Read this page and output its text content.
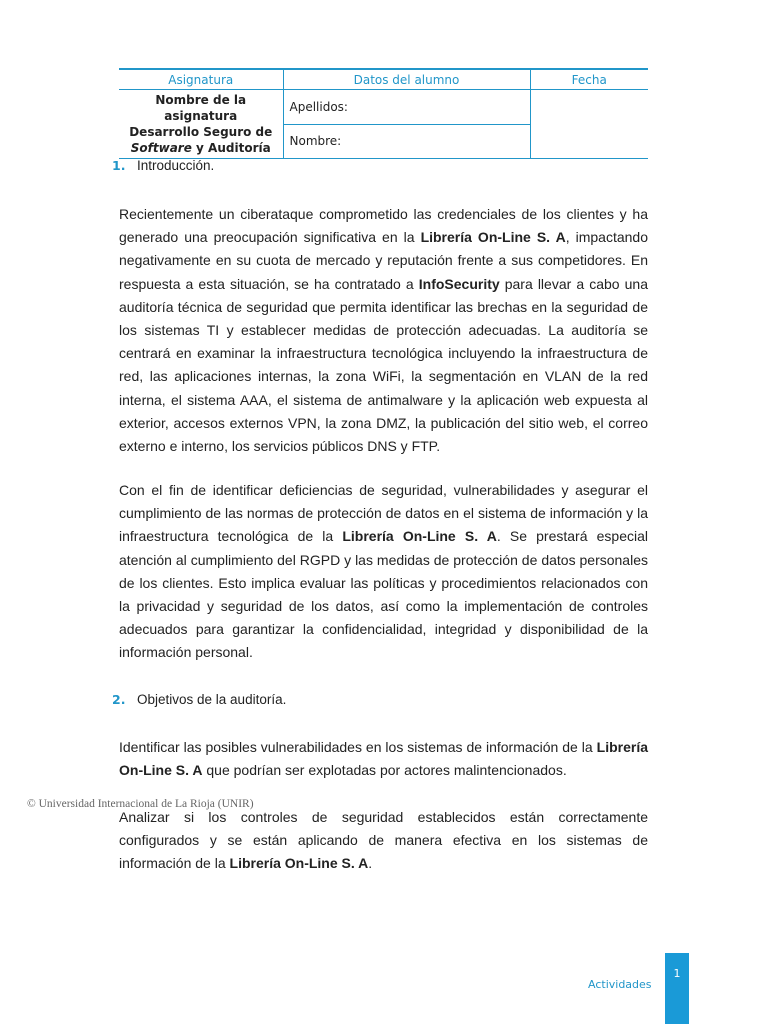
Asignatura	Datos del alumno	Fecha

Nombre de la asignatura
Desarrollo Seguro de
Software y Auditoría	Apellidos:	
	Nombre:	
1. Introducción.

Recientemente un ciberataque comprometido las credenciales de los clientes y ha generado una preocupación significativa en la Librería On-Line S. A, impactando negativamente en su cuota de mercado y reputación frente a sus competidores. En respuesta a esta situación, se ha contratado a InfoSecurity para llevar a cabo una auditoría técnica de seguridad que permita identificar las brechas en la seguridad de los sistemas TI y establecer medidas de protección adecuadas. La auditoría se centrará en examinar la infraestructura tecnológica incluyendo la infraestructura de red, las aplicaciones internas, la zona WiFi, la segmentación en VLAN de la red interna, el sistema AAA, el sistema de antimalware y la aplicación web expuesta al exterior, accesos externos VPN, la zona DMZ, la publicación del sitio web, el correo externo e interno, los servicios públicos DNS y FTP.

Con el fin de identificar deficiencias de seguridad, vulnerabilidades y asegurar el cumplimiento de las normas de protección de datos en el sistema de información y la infraestructura tecnológica de la Librería On-Line S. A. Se prestará especial atención al cumplimiento del RGPD y las medidas de protección de datos personales de los clientes. Esto implica evaluar las políticas y procedimientos relacionados con la privacidad y seguridad de los datos, así como la implementación de controles adecuados para garantizar la confidencialidad, integridad y disponibilidad de la información personal.

2. Objetivos de la auditoría.

Identificar las posibles vulnerabilidades en los sistemas de información de la Librería On-Line S. A que podrían ser explotadas por actores malintencionados.

Analizar si los controles de seguridad establecidos están correctamente configurados y se están aplicando de manera efectiva en los sistemas de información de la Librería On-Line S. A.

© Universidad Internacional de La Rioja (UNIR)
Actividades
1
